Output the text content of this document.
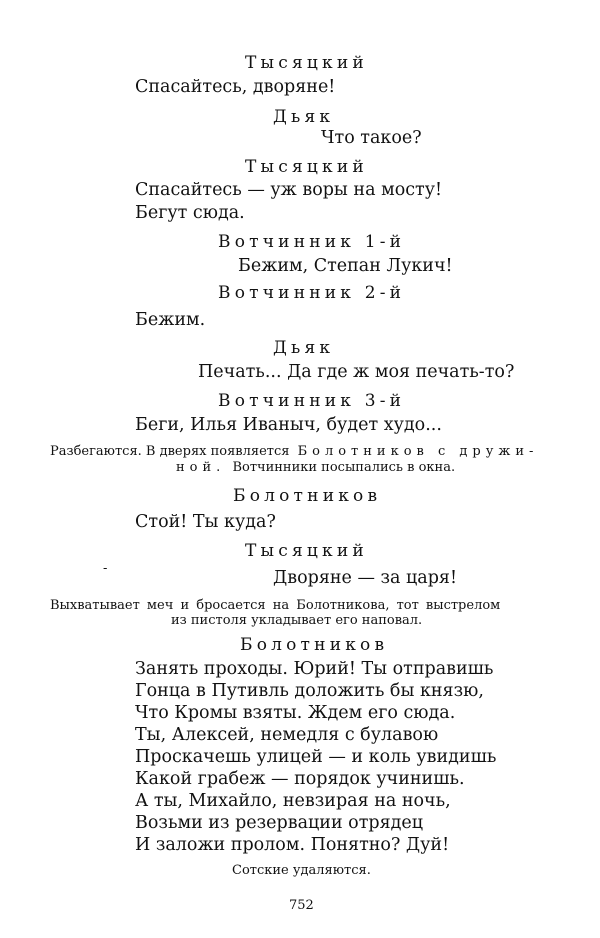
Тысяцкий
Спасайтесь, дворяне!
Дьяк
Что такое?
Тысяцкий
Спасайтесь — уж воры на мосту!
Бегут сюда.
Вотчинник 1-й
Бежим, Степан Лукич!
Вотчинник 2-й
Бежим.
Дьяк
Печать... Да где ж моя печать-то?
Вотчинник 3-й
Беги, Илья Иваныч, будет худо...
Разбегаются. В дверях появляется Болотников с дружи-
ной. Вотчинники посыпались в окна.
Болотников
Стой! Ты куда?
Тысяцкий
-	Дворяне — за царя!
Выхватывает меч и бросается на Болотникова, тот выстрелом
из пистоля укладывает его наповал.
Болотников
Занять проходы. Юрий! Ты отправишь
Гонца в Путивль доложить бы князю,
Что Кромы взяты. Ждем его сюда.
Ты, Алексей, немедля с булавою
Проскачешь улицей — и коль увидишь
Какой грабеж — порядок учинишь.
А ты, Михайло, невзирая на ночь,
Возьми из резервации отрядец
И заложи пролом. Понятно? Дуй!
Сотские удаляются.
752
